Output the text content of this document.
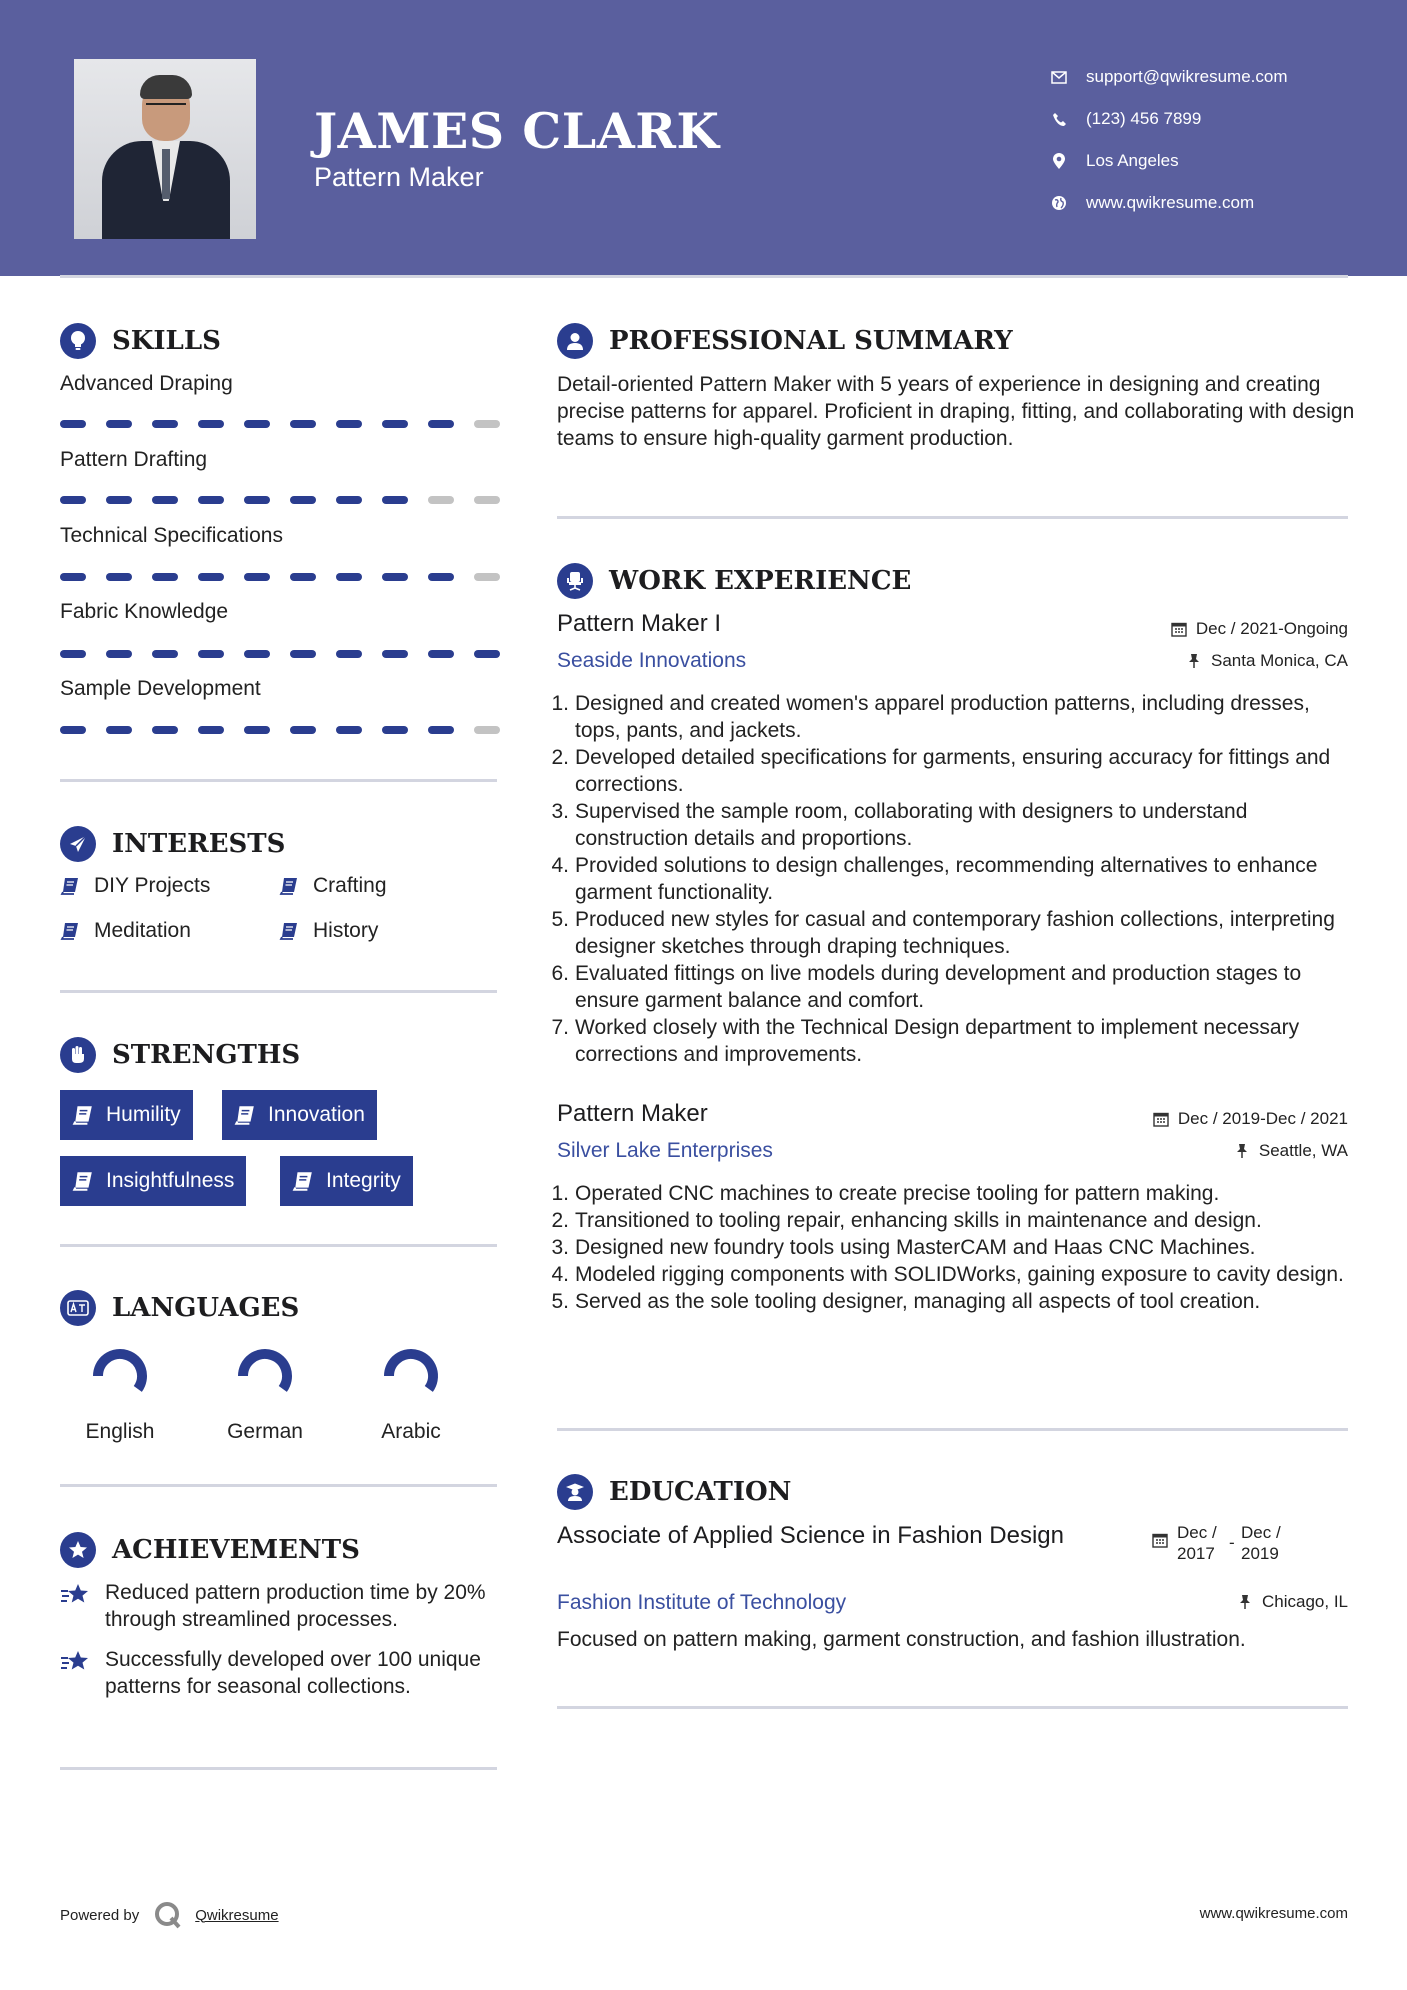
JAMES CLARK
Pattern Maker
support@qwikresume.com
(123) 456 7899
Los Angeles
www.qwikresume.com
SKILLS
Advanced Draping
Pattern Drafting
Technical Specifications
Fabric Knowledge
Sample Development
INTERESTS
DIY Projects	Crafting
Meditation	History
STRENGTHS
Humility	Innovation
Insightfulness	Integrity
LANGUAGES
English	German	Arabic
ACHIEVEMENTS
Reduced pattern production time by 20% through streamlined processes.
Successfully developed over 100 unique patterns for seasonal collections.
PROFESSIONAL SUMMARY
Detail-oriented Pattern Maker with 5 years of experience in designing and creating precise patterns for apparel. Proficient in draping, fitting, and collaborating with design teams to ensure high-quality garment production.
WORK EXPERIENCE
Pattern Maker I	Dec / 2021-Ongoing
Seaside Innovations	Santa Monica, CA
1. Designed and created women's apparel production patterns, including dresses, tops, pants, and jackets.
2. Developed detailed specifications for garments, ensuring accuracy for fittings and corrections.
3. Supervised the sample room, collaborating with designers to understand construction details and proportions.
4. Provided solutions to design challenges, recommending alternatives to enhance garment functionality.
5. Produced new styles for casual and contemporary fashion collections, interpreting designer sketches through draping techniques.
6. Evaluated fittings on live models during development and production stages to ensure garment balance and comfort.
7. Worked closely with the Technical Design department to implement necessary corrections and improvements.
Pattern Maker	Dec / 2019-Dec / 2021
Silver Lake Enterprises	Seattle, WA
1. Operated CNC machines to create precise tooling for pattern making.
2. Transitioned to tooling repair, enhancing skills in maintenance and design.
3. Designed new foundry tools using MasterCAM and Haas CNC Machines.
4. Modeled rigging components with SOLIDWorks, gaining exposure to cavity design.
5. Served as the sole tooling designer, managing all aspects of tool creation.
EDUCATION
Associate of Applied Science in Fashion Design	Dec / 2017
-
Dec / 2019
Fashion Institute of Technology	Chicago, IL
Focused on pattern making, garment construction, and fashion illustration.
Powered by	Qwikresume	www.qwikresume.com
